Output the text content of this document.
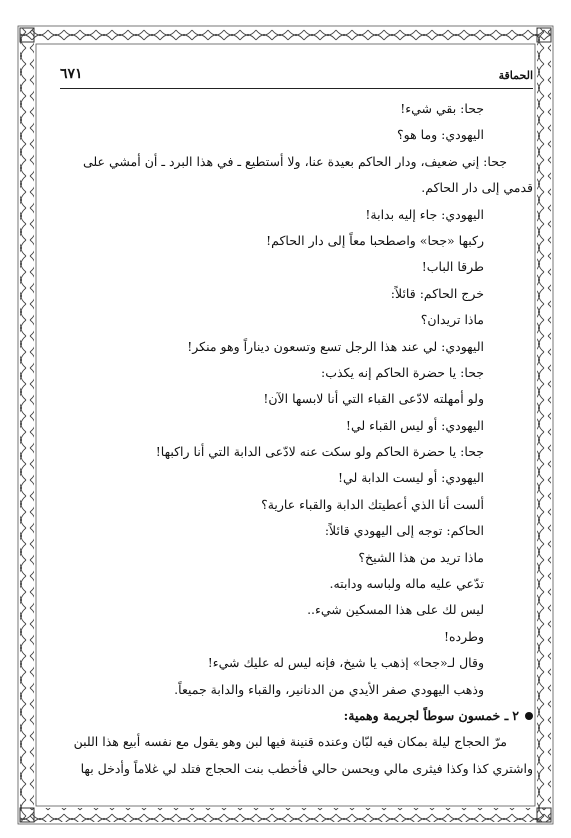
الحماقة
٦٧١
جحا: بقي شيء!
اليهودي: وما هو؟
جحا: إني ضعيف، ودار الحاكم بعيدة عنا، ولا أستطيع ـ في هذا البرد ـ أن أمشي على
قدمي إلى دار الحاكم.
اليهودي: جاء إليه بدابة!
ركبها «جحا» واصطحبا معاً إلى دار الحاكم!
طرقا الباب!
خرج الحاكم: قائلاً:
ماذا تريدان؟
اليهودي: لي عند هذا الرجل تسع وتسعون ديناراً وهو منكر!
جحا: يا حضرة الحاكم إنه يكذب:
ولو أمهلته لادّعى القباء التي أنا لابسها الآن!
اليهودي: أو ليس القباء لي!
جحا: يا حضرة الحاكم ولو سكت عنه لادّعى الدابة التي أنا راكبها!
اليهودي: أو ليست الدابة لي!
ألست أنا الذي أعطيتك الدابة والقباء عارية؟
الحاكم: توجه إلى اليهودي قائلاً:
ماذا تريد من هذا الشيخ؟
تدّعي عليه ماله ولباسه ودابته.
ليس لك على هذا المسكين شيء..
وطرده!
وقال لـ«جحا» إذهب يا شيخ، فإنه ليس له عليك شيء!
وذهب اليهودي صفر الأيدي من الدنانير، والقباء والدابة جميعاً.
٢ـ خمسون سوطاً لجريمة وهمية:
مرّ الحجاج ليلة بمكان فيه لبّان وعنده قنينة فيها لبن وهو يقول مع نفسه أبيع هذا اللبن
واشتري كذا وكذا فيثرى مالي ويحسن حالي فأخطب بنت الحجاج فتلد لي غلاماً وأدخل بها
